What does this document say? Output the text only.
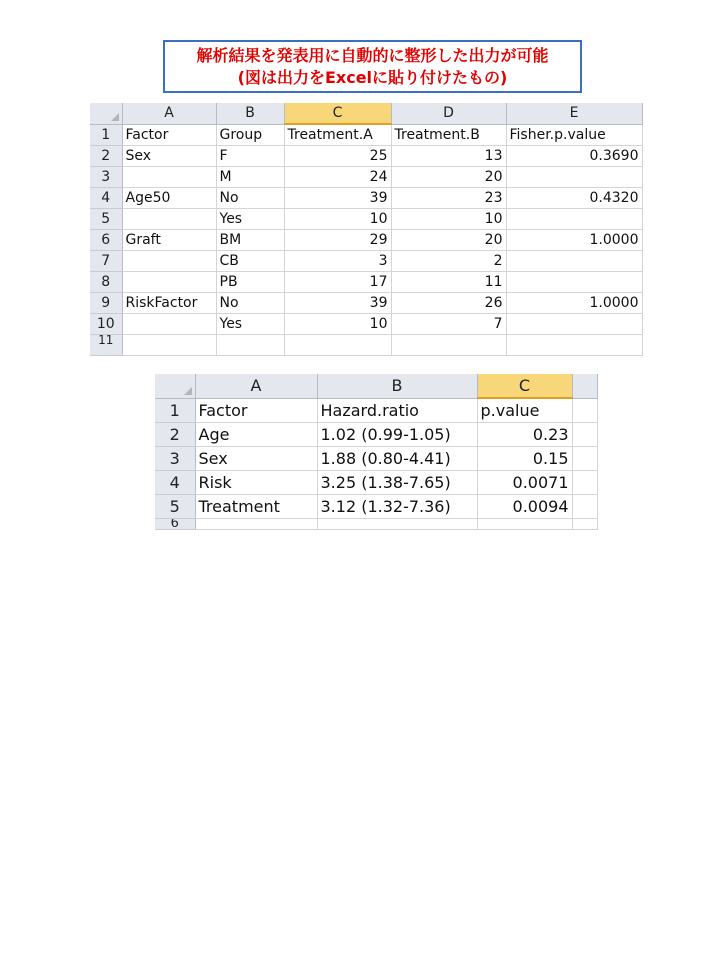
解析結果を発表用に自動的に整形した出力が可能
(図は出力をExcelに貼り付けたもの)
	A	B	C	D	E
1	Factor	Group	Treatment.A	Treatment.B	Fisher.p.value
2	Sex	F	25	13	0.3690
3		M	24	20	
4	Age50	No	39	23	0.4320
5		Yes	10	10	
6	Graft	BM	29	20	1.0000
7		CB	3	2	
8		PB	17	11	
9	RiskFactor	No	39	26	1.0000
10		Yes	10	7	
11					
	A	B	C	
1	Factor	Hazard.ratio	p.value	
2	Age	1.02 (0.99-1.05)	0.23	
3	Sex	1.88 (0.80-4.41)	0.15	
4	Risk	3.25 (1.38-7.65)	0.0071	
5	Treatment	3.12 (1.32-7.36)	0.0094	
6				
